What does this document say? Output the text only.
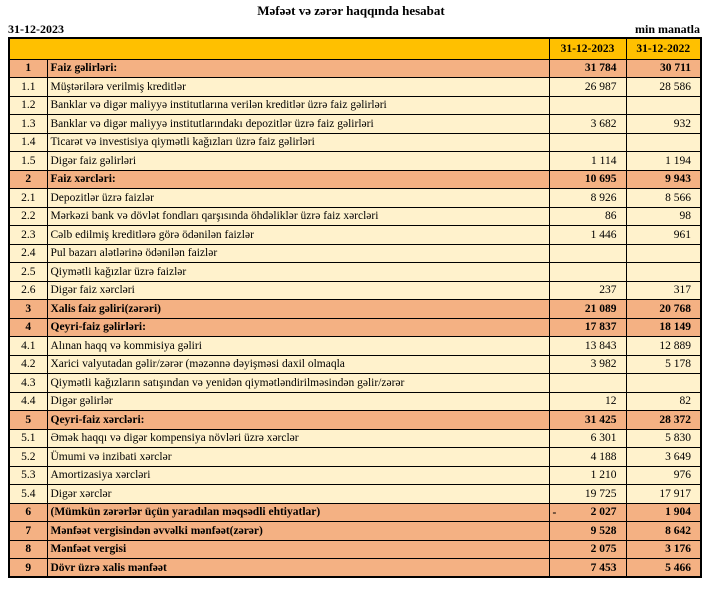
Məfəət və zərər haqqında hesabat
31-12-2023	min manatla
		31-12-2023	31-12-2022
1	Faiz gəlirləri:	31 784	30 711
1.1	Müştərilərə verilmiş kreditlər	26 987	28 586
1.2	Banklar və digər maliyyə institutlarına verilən kreditlər üzrə faiz gəlirləri		
1.3	Banklar və digər maliyyə institutlarındakı depozitlər üzrə faiz gəlirləri	3 682	932
1.4	Ticarət və investisiya qiymətli kağızları üzrə faiz gəlirləri		
1.5	Digər faiz gəlirləri	1 114	1 194
2	Faiz xərcləri:	10 695	9 943
2.1	Depozitlər üzrə faizlər	8 926	8 566
2.2	Mərkəzi bank və dövlət fondları qarşısında öhdəliklər üzrə faiz xərcləri	86	98
2.3	Cəlb edilmiş kreditlərə görə ödənilən faizlər	1 446	961
2.4	Pul bazarı alətlərinə ödənilən faizlər		
2.5	Qiymətli kağızlar üzrə faizlər		
2.6	Digər faiz xərcləri	237	317
3	Xalis faiz gəliri(zərəri)	21 089	20 768
4	Qeyri-faiz gəlirləri:	17 837	18 149
4.1	Alınan haqq və kommisiya gəliri	13 843	12 889
4.2	Xarici valyutadan gəlir/zərər (məzənnə dəyişməsi daxil olmaqla	3 982	5 178
4.3	Qiymətli kağızların satışından və yenidən qiymətləndirilməsindən gəlir/zərər		
4.4	Digər gəlirlər	12	82
5	Qeyri-faiz xərcləri:	31 425	28 372
5.1	Əmək haqqı və digər kompensiya növləri üzrə xərclər	6 301	5 830
5.2	Ümumi və inzibati xərclər	4 188	3 649
5.3	Amortizasiya xərcləri	1 210	976
5.4	Digər xərclər	19 725	17 917
6	(Mümkün zərərlər üçün yaradılan məqsədli ehtiyatlar)	- 2 027	1 904
7	Mənfəət vergisindən əvvəlki mənfəət(zərər)	9 528	8 642
8	Mənfəət vergisi	2 075	3 176
9	Dövr üzrə xalis mənfəət	7 453	5 466
